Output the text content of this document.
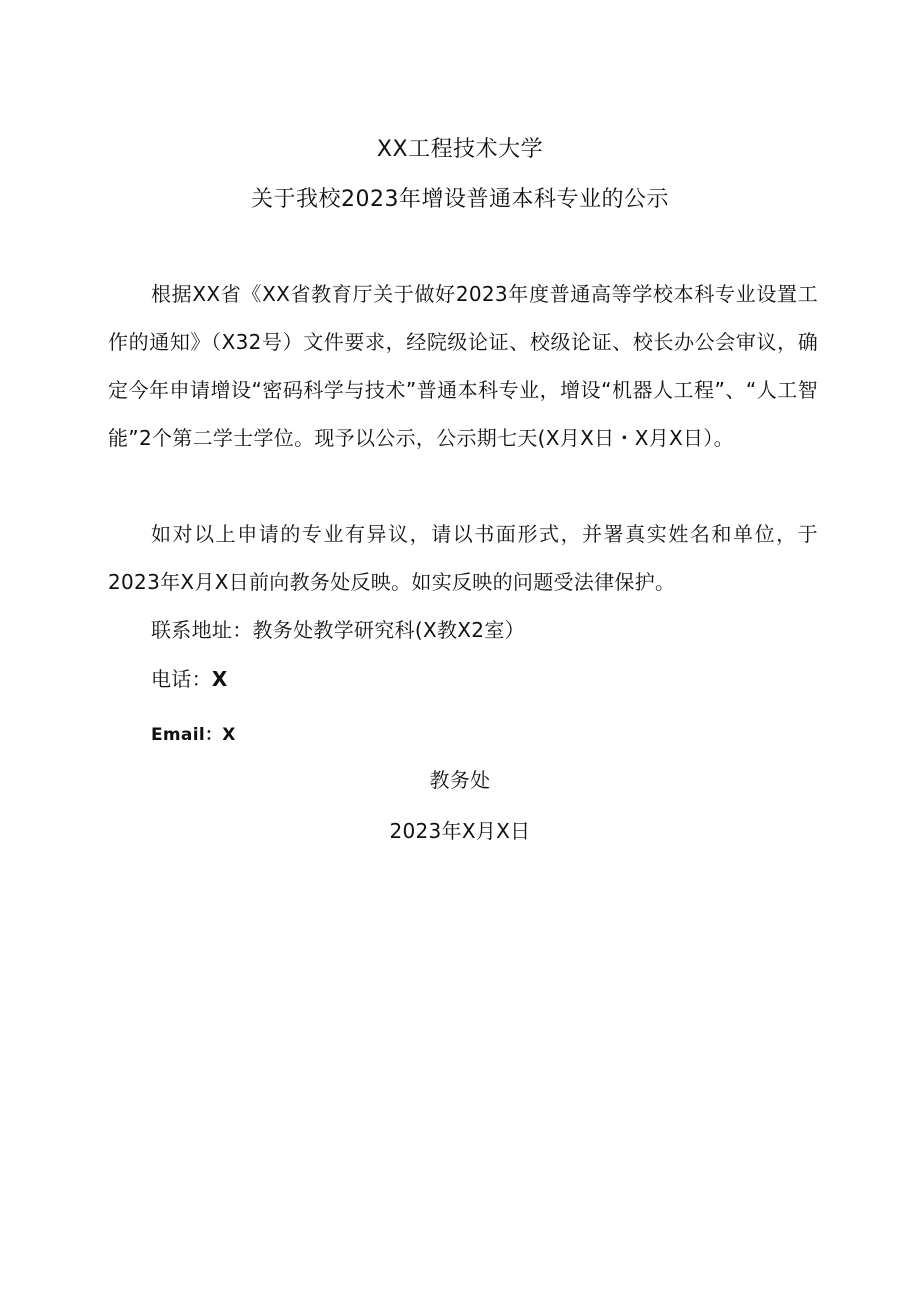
XX工程技术大学
关于我校2023年增设普通本科专业的公示

根据XX省《XX省教育厅关于做好2023年度普通高等学校本科专业设置工作的通知》（X32号）文件要求，经院级论证、校级论证、校长办公会审议，确定今年申请增设“密码科学与技术”普通本科专业，增设“机器人工程”、“人工智能”2个第二学士学位。现予以公示，公示期七天(X月X日・X月X日）。

如对以上申请的专业有异议，请以书面形式，并署真实姓名和单位，于2023年X月X日前向教务处反映。如实反映的问题受法律保护。

联系地址：教务处教学研究科(X教X2室）
电话：X
Email：X
教务处
2023年X月X日
